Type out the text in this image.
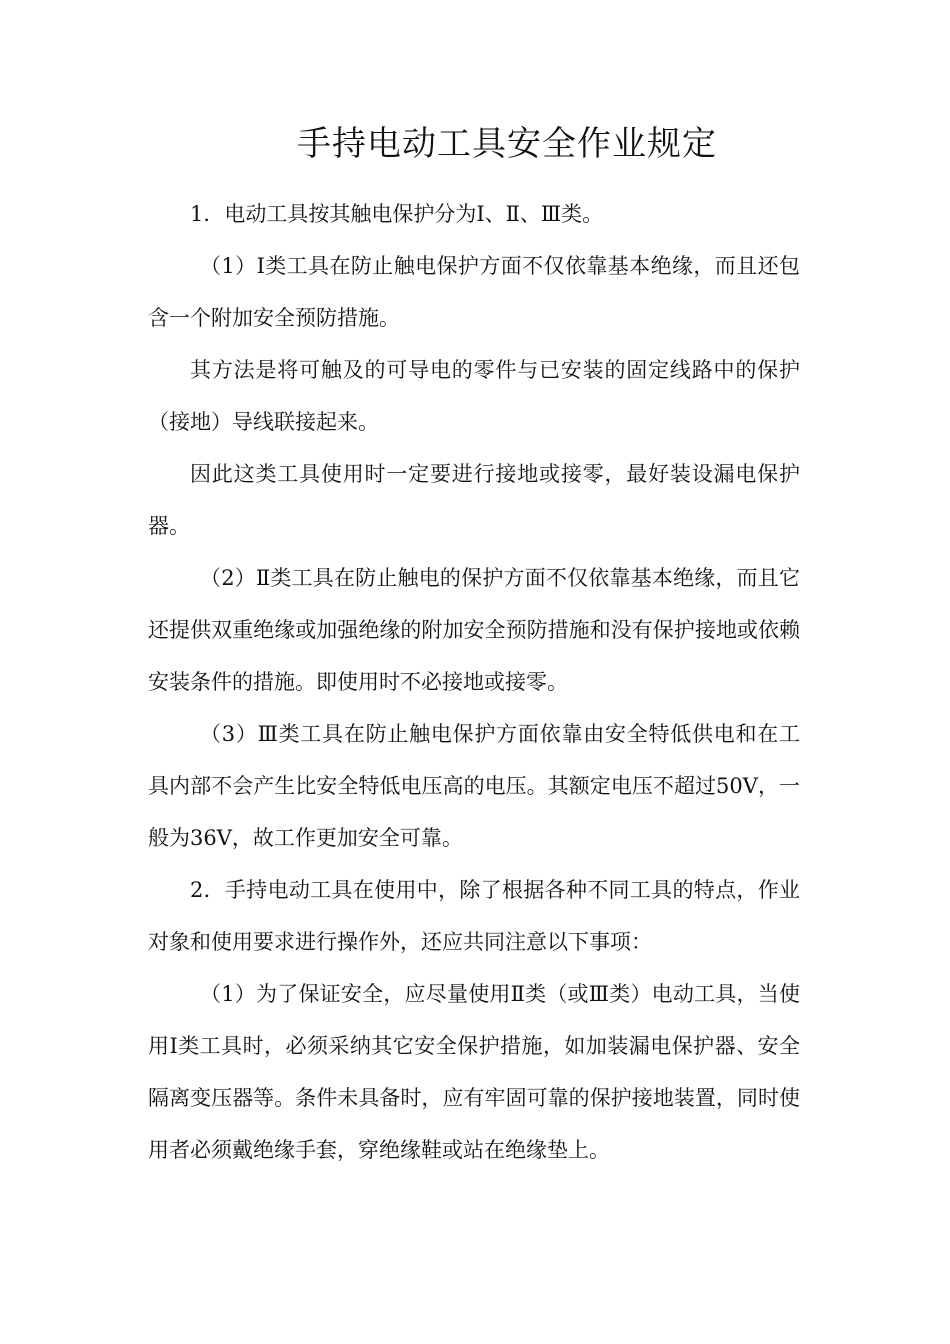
手持电动工具安全作业规定

1．电动工具按其触电保护分为Ⅰ、Ⅱ、Ⅲ类。

（1）Ⅰ类工具在防止触电保护方面不仅依靠基本绝缘，而且还包含一个附加安全预防措施。

其方法是将可触及的可导电的零件与已安装的固定线路中的保护（接地）导线联接起来。

因此这类工具使用时一定要进行接地或接零，最好装设漏电保护器。

（2）Ⅱ类工具在防止触电的保护方面不仅依靠基本绝缘，而且它还提供双重绝缘或加强绝缘的附加安全预防措施和没有保护接地或依赖安装条件的措施。即使用时不必接地或接零。

（3）Ⅲ类工具在防止触电保护方面依靠由安全特低供电和在工具内部不会产生比安全特低电压高的电压。其额定电压不超过50V，一般为36V，故工作更加安全可靠。

2．手持电动工具在使用中，除了根据各种不同工具的特点，作业对象和使用要求进行操作外，还应共同注意以下事项：

（1）为了保证安全，应尽量使用Ⅱ类（或Ⅲ类）电动工具，当使用Ⅰ类工具时，必须采纳其它安全保护措施，如加装漏电保护器、安全隔离变压器等。条件未具备时，应有牢固可靠的保护接地装置，同时使用者必须戴绝缘手套，穿绝缘鞋或站在绝缘垫上。
